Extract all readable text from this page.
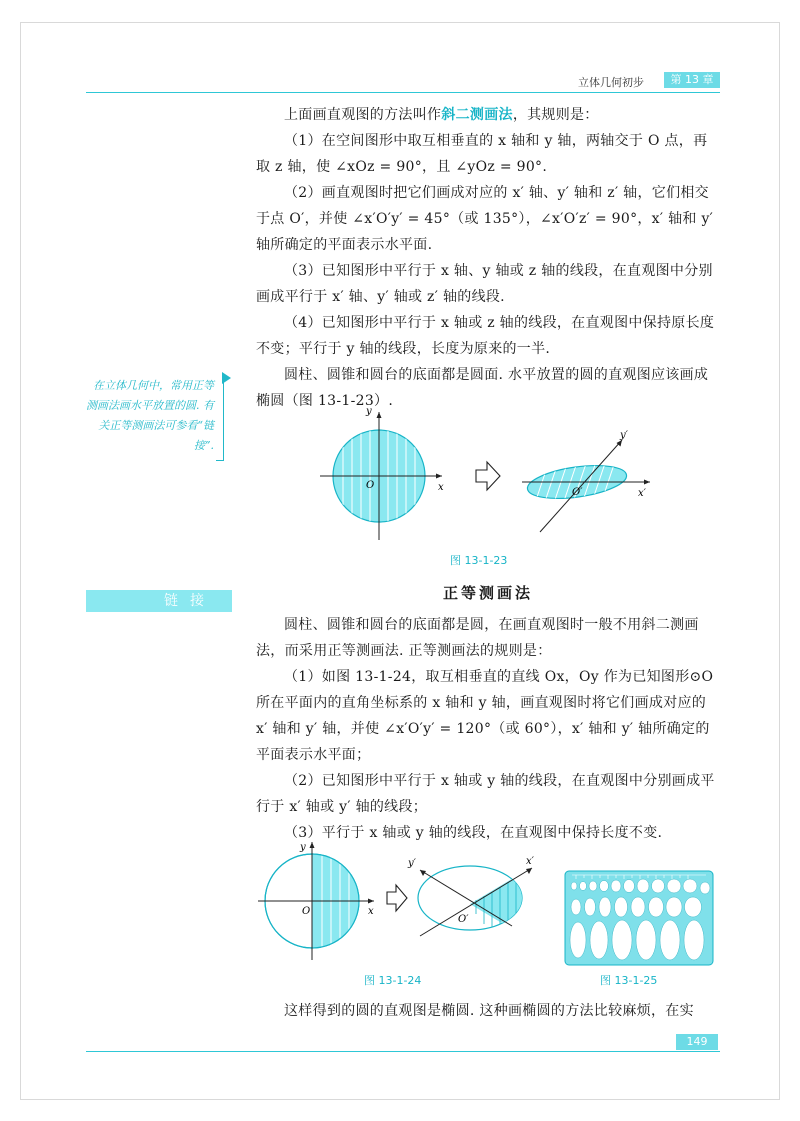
立体几何初步	第 13 章
上面画直观图的方法叫作斜二测画法，其规则是：
（1）在空间图形中取互相垂直的 x 轴和 y 轴，两轴交于 O 点，再取 z 轴，使 ∠xOz = 90°，且 ∠yOz = 90°.
（2）画直观图时把它们画成对应的 x′ 轴、y′ 轴和 z′ 轴，它们相交于点 O′，并使 ∠x′O′y′ = 45°（或 135°），∠x′O′z′ = 90°，x′ 轴和 y′ 轴所确定的平面表示水平面.
（3）已知图形中平行于 x 轴、y 轴或 z 轴的线段，在直观图中分别画成平行于 x′ 轴、y′ 轴或 z′ 轴的线段.
（4）已知图形中平行于 x 轴或 z 轴的线段，在直观图中保持原长度不变；平行于 y 轴的线段，长度为原来的一半.
圆柱、圆锥和圆台的底面都是圆面. 水平放置的圆的直观图应该画成椭圆（图 13-1-23）.
在立体几何中，常用正等测画法画水平放置的圆. 有关正等测画法可参看“链接”.
x
y
O
x′
y′
O′
图 13-1-23
链接	正等测画法
圆柱、圆锥和圆台的底面都是圆，在画直观图时一般不用斜二测画法，而采用正等测画法. 正等测画法的规则是：
（1）如图 13-1-24，取互相垂直的直线 Ox，Oy 作为已知图形⊙O 所在平面内的直角坐标系的 x 轴和 y 轴，画直观图时将它们画成对应的 x′ 轴和 y′ 轴，并使 ∠x′O′y′ = 120°（或 60°），x′ 轴和 y′ 轴所确定的平面表示水平面；
（2）已知图形中平行于 x 轴或 y 轴的线段，在直观图中分别画成平行于 x′ 轴或 y′ 轴的线段；
（3）平行于 x 轴或 y 轴的线段，在直观图中保持长度不变.
x
y
O
x′
y′
O′
图 13-1-24	图 13-1-25
这样得到的圆的直观图是椭圆. 这种画椭圆的方法比较麻烦，在实
149
